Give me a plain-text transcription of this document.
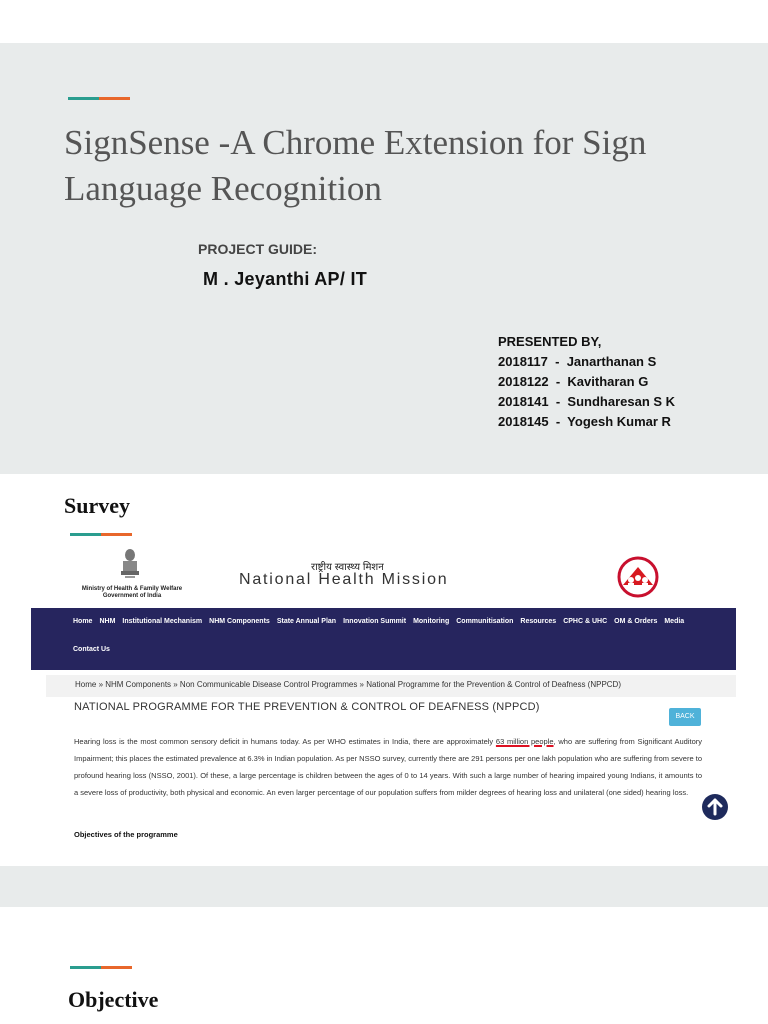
SignSense -A Chrome Extension for Sign Language Recognition
PROJECT GUIDE:
M . Jeyanthi AP/ IT
PRESENTED BY,
2018117  -  Janarthanan S
2018122  -  Kavitharan G
2018141  -  Sundharesan S K
2018145  -  Yogesh Kumar R
Survey
Ministry of Health & Family Welfare
Government of India
राष्ट्रीय स्वास्थ्य मिशन
National Health Mission
Home NHM Institutional Mechanism NHM Components State Annual Plan Innovation Summit Monitoring Communitisation Resources CPHC & UHC OM & Orders Media
Contact Us
Home » NHM Components » Non Communicable Disease Control Programmes » National Programme for the Prevention & Control of Deafness (NPPCD)
NATIONAL PROGRAMME FOR THE PREVENTION & CONTROL OF DEAFNESS (NPPCD)
BACK
Hearing loss is the most common sensory deficit in humans today. As per WHO estimates in India, there are approximately 63 million people, who are suffering from Significant Auditory Impairment; this places the estimated prevalence at 6.3% in Indian population. As per NSSO survey, currently there are 291 persons per one lakh population who are suffering from severe to profound hearing loss (NSSO, 2001). Of these, a large percentage is children between the ages of 0 to 14 years. With such a large number of hearing impaired young Indians, it amounts to a severe loss of productivity, both physical and economic. An even larger percentage of our population suffers from milder degrees of hearing loss and unilateral (one sided) hearing loss.
Objectives of the programme
Objective
